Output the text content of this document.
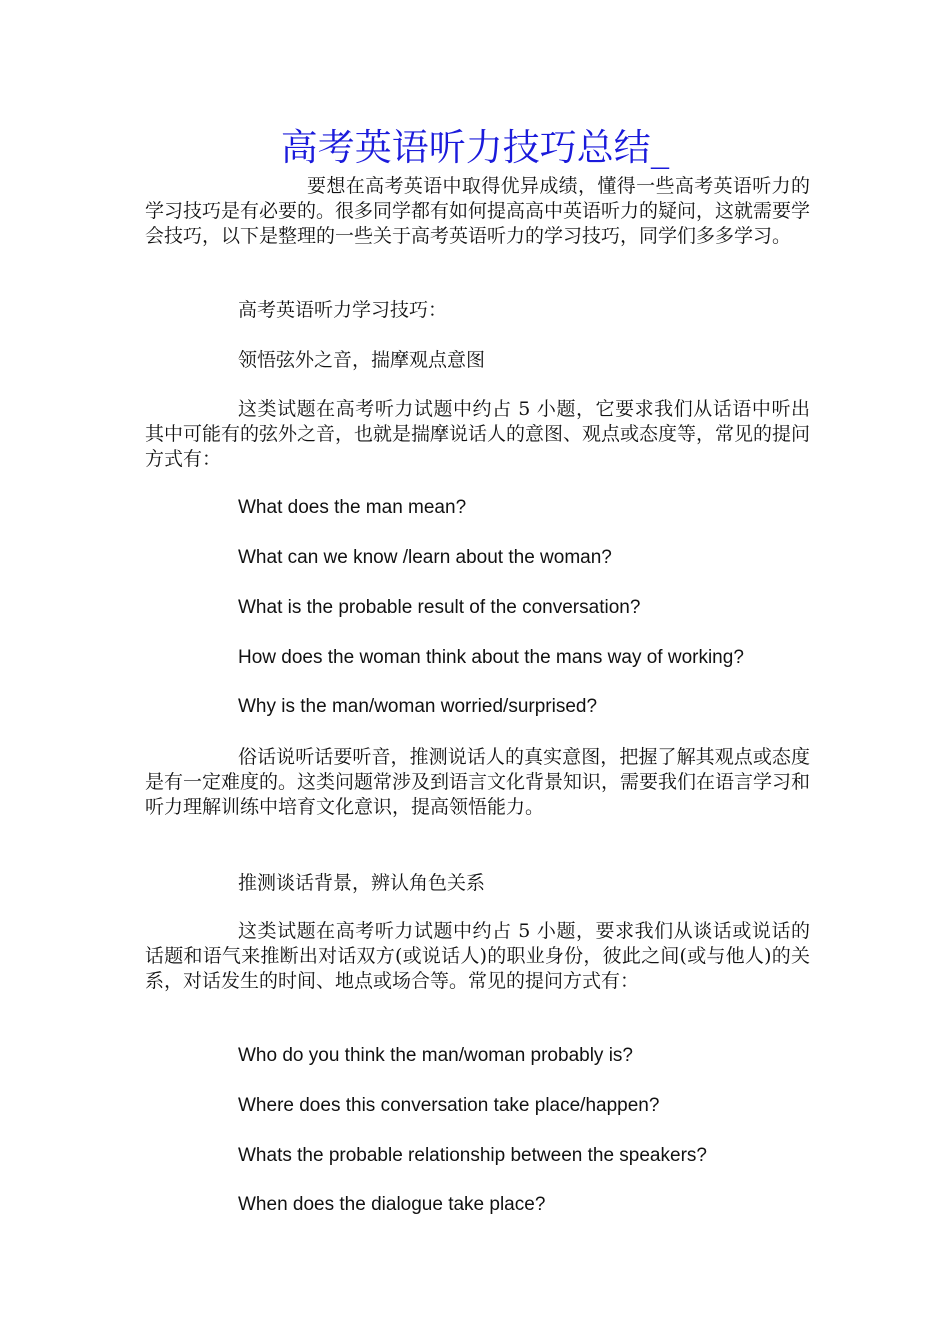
高考英语听力技巧总结_
要想在高考英语中取得优异成绩，懂得一些高考英语听力的学习技巧是有必要的。很多同学都有如何提高高中英语听力的疑问，这就需要学会技巧，以下是整理的一些关于高考英语听力的学习技巧，同学们多多学习。
高考英语听力学习技巧：
领悟弦外之音，揣摩观点意图
这类试题在高考听力试题中约占 5 小题，它要求我们从话语中听出其中可能有的弦外之音，也就是揣摩说话人的意图、观点或态度等，常见的提问方式有：
What does the man mean?
What can we know /learn about the woman?
What is the probable result of the conversation?
How does the woman think about the mans way of working?
Why is the man/woman worried/surprised?
俗话说听话要听音，推测说话人的真实意图，把握了解其观点或态度是有一定难度的。这类问题常涉及到语言文化背景知识，需要我们在语言学习和听力理解训练中培育文化意识，提高领悟能力。
推测谈话背景，辨认角色关系
这类试题在高考听力试题中约占 5 小题，要求我们从谈话或说话的话题和语气来推断出对话双方(或说话人)的职业身份，彼此之间(或与他人)的关系，对话发生的时间、地点或场合等。常见的提问方式有：
Who do you think the man/woman probably is?
Where does this conversation take place/happen?
Whats the probable relationship between the speakers?
When does the dialogue take place?
